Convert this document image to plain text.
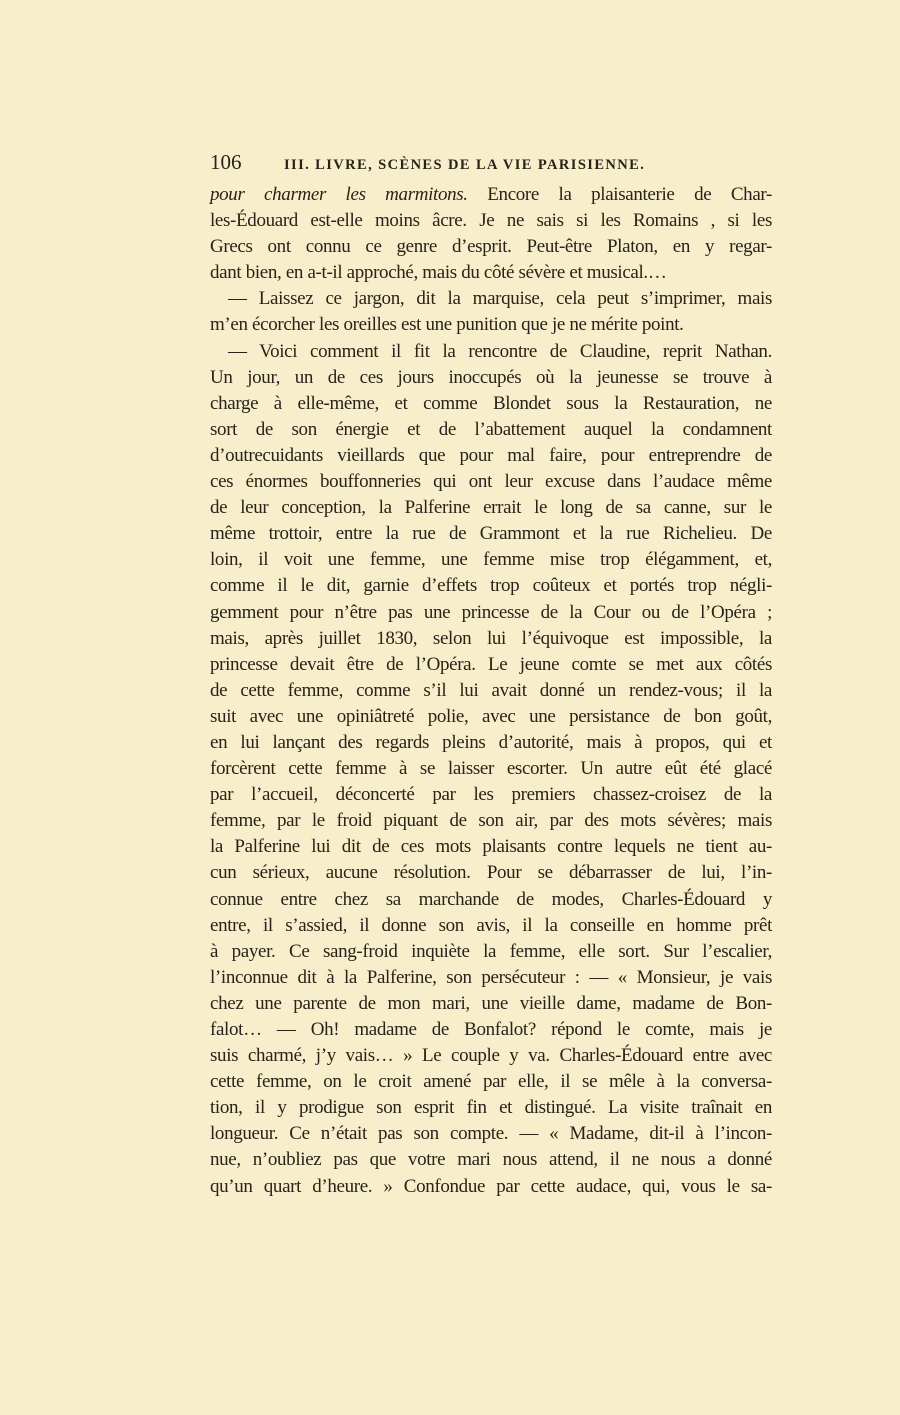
106	III. LIVRE, SCÈNES DE LA VIE PARISIENNE.
pour charmer les marmitons. Encore la plaisanterie de Char-
les-Édouard est-elle moins âcre. Je ne sais si les Romains , si les
Grecs ont connu ce genre d’esprit. Peut-être Platon, en y regar-
dant bien, en a-t-il approché, mais du côté sévère et musical.…
— Laissez ce jargon, dit la marquise, cela peut s’imprimer, mais
m’en écorcher les oreilles est une punition que je ne mérite point.
— Voici comment il fit la rencontre de Claudine, reprit Nathan.
Un jour, un de ces jours inoccupés où la jeunesse se trouve à
charge à elle-même, et comme Blondet sous la Restauration, ne
sort de son énergie et de l’abattement auquel la condamnent
d’outrecuidants vieillards que pour mal faire, pour entreprendre de
ces énormes bouffonneries qui ont leur excuse dans l’audace même
de leur conception, la Palferine errait le long de sa canne, sur le
même trottoir, entre la rue de Grammont et la rue Richelieu. De
loin, il voit une femme, une femme mise trop élégamment, et,
comme il le dit, garnie d’effets trop coûteux et portés trop négli-
gemment pour n’être pas une princesse de la Cour ou de l’Opéra ;
mais, après juillet 1830, selon lui l’équivoque est impossible, la
princesse devait être de l’Opéra. Le jeune comte se met aux côtés
de cette femme, comme s’il lui avait donné un rendez-vous; il la
suit avec une opiniâtreté polie, avec une persistance de bon goût,
en lui lançant des regards pleins d’autorité, mais à propos, qui et
forcèrent cette femme à se laisser escorter. Un autre eût été glacé
par l’accueil, déconcerté par les premiers chassez-croisez de la
femme, par le froid piquant de son air, par des mots sévères; mais
la Palferine lui dit de ces mots plaisants contre lequels ne tient au-
cun sérieux, aucune résolution. Pour se débarrasser de lui, l’in-
connue entre chez sa marchande de modes, Charles-Édouard y
entre, il s’assied, il donne son avis, il la conseille en homme prêt
à payer. Ce sang-froid inquiète la femme, elle sort. Sur l’escalier,
l’inconnue dit à la Palferine, son persécuteur : — « Monsieur, je vais
chez une parente de mon mari, une vieille dame, madame de Bon-
falot… — Oh! madame de Bonfalot? répond le comte, mais je
suis charmé, j’y vais… » Le couple y va. Charles-Édouard entre avec
cette femme, on le croit amené par elle, il se mêle à la conversa-
tion, il y prodigue son esprit fin et distingué. La visite traînait en
longueur. Ce n’était pas son compte. — « Madame, dit-il à l’incon-
nue, n’oubliez pas que votre mari nous attend, il ne nous a donné
qu’un quart d’heure. » Confondue par cette audace, qui, vous le sa-
